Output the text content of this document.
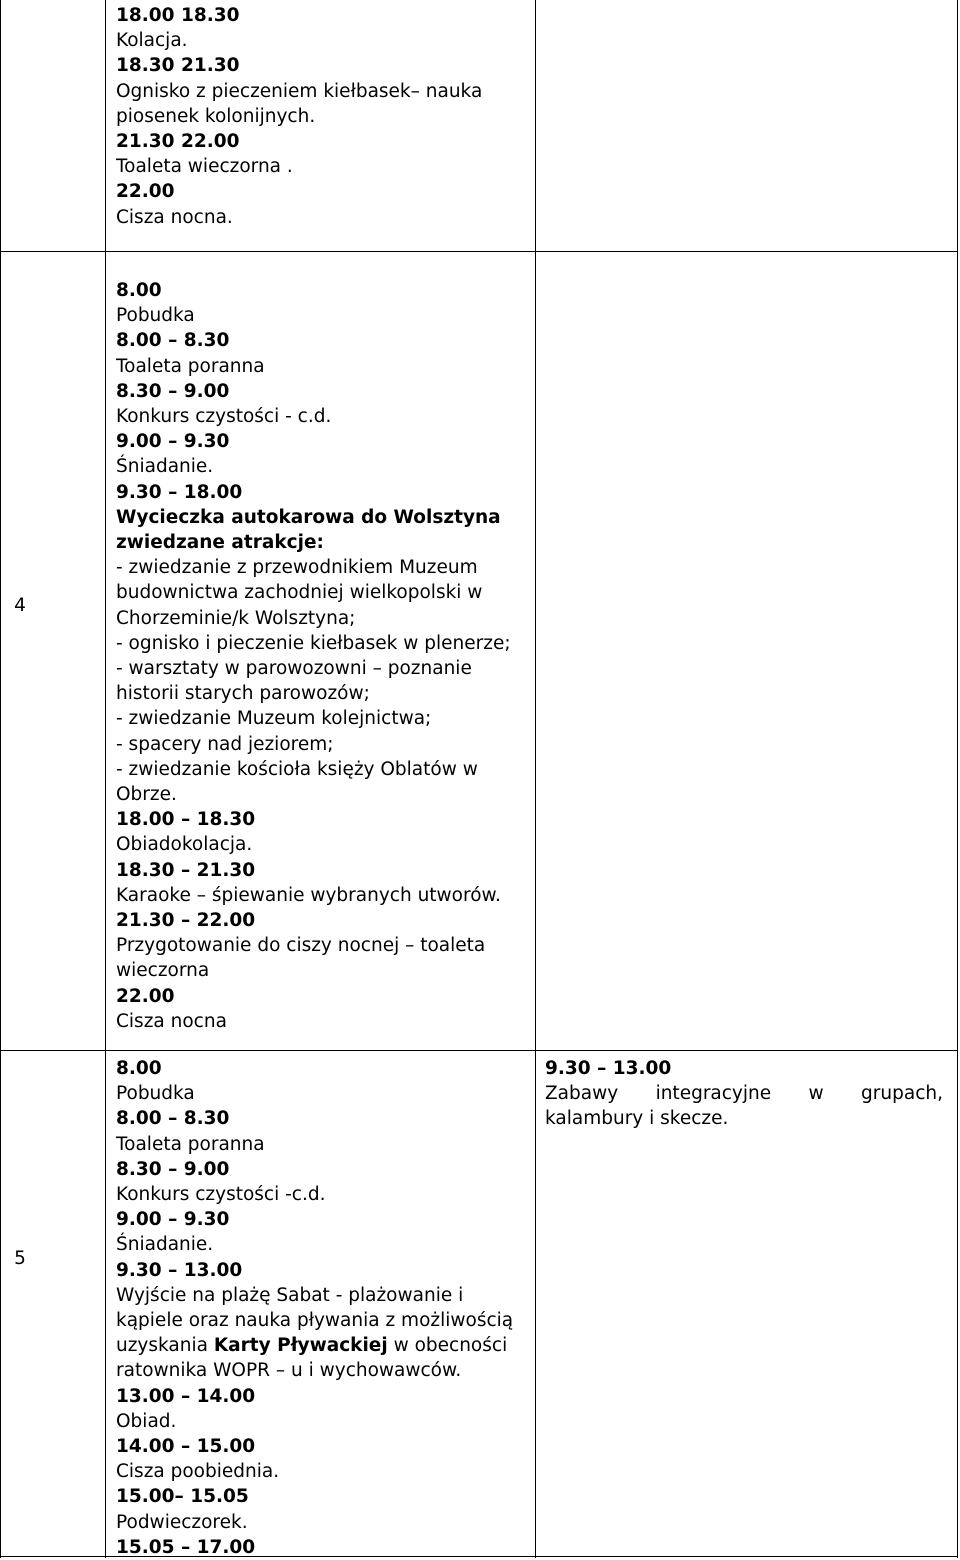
18.00 18.30

Kolacja.

18.30 21.30

Ognisko z pieczeniem kiełbasek– nauka

piosenek kolonijnych.

21.30 22.00

Toaleta wieczorna .

22.00

Cisza nocna.

4

8.00

Pobudka

8.00 – 8.30

Toaleta poranna

8.30 – 9.00

Konkurs czystości - c.d.

9.00 – 9.30

Śniadanie.

9.30 – 18.00

Wycieczka autokarowa do Wolsztyna

zwiedzane atrakcje:

- zwiedzanie z przewodnikiem Muzeum

budownictwa zachodniej wielkopolski w

Chorzeminie/k Wolsztyna;

- ognisko i pieczenie kiełbasek w plenerze;

- warsztaty w parowozowni – poznanie

historii starych parowozów;

- zwiedzanie Muzeum kolejnictwa;

- spacery nad jeziorem;

- zwiedzanie kościoła księży Oblatów w

Obrze.

18.00 – 18.30

Obiadokolacja.

18.30 – 21.30

Karaoke – śpiewanie wybranych utworów.

21.30 – 22.00

Przygotowanie do ciszy nocnej – toaleta

wieczorna

22.00

Cisza nocna

5

8.00

Pobudka

8.00 – 8.30

Toaleta poranna

8.30 – 9.00

Konkurs czystości -c.d.

9.00 – 9.30

Śniadanie.

9.30 – 13.00

Wyjście na plażę Sabat - plażowanie i

kąpiele oraz nauka pływania z możliwością

uzyskania Karty Pływackiej w obecności

ratownika WOPR – u i wychowawców.

13.00 – 14.00

Obiad.

14.00 – 15.00

Cisza poobiednia.

15.00– 15.05

Podwieczorek.

15.05 – 17.00

9.30 – 13.00

Zabawy integracyjne w grupach,

kalambury i skecze.
